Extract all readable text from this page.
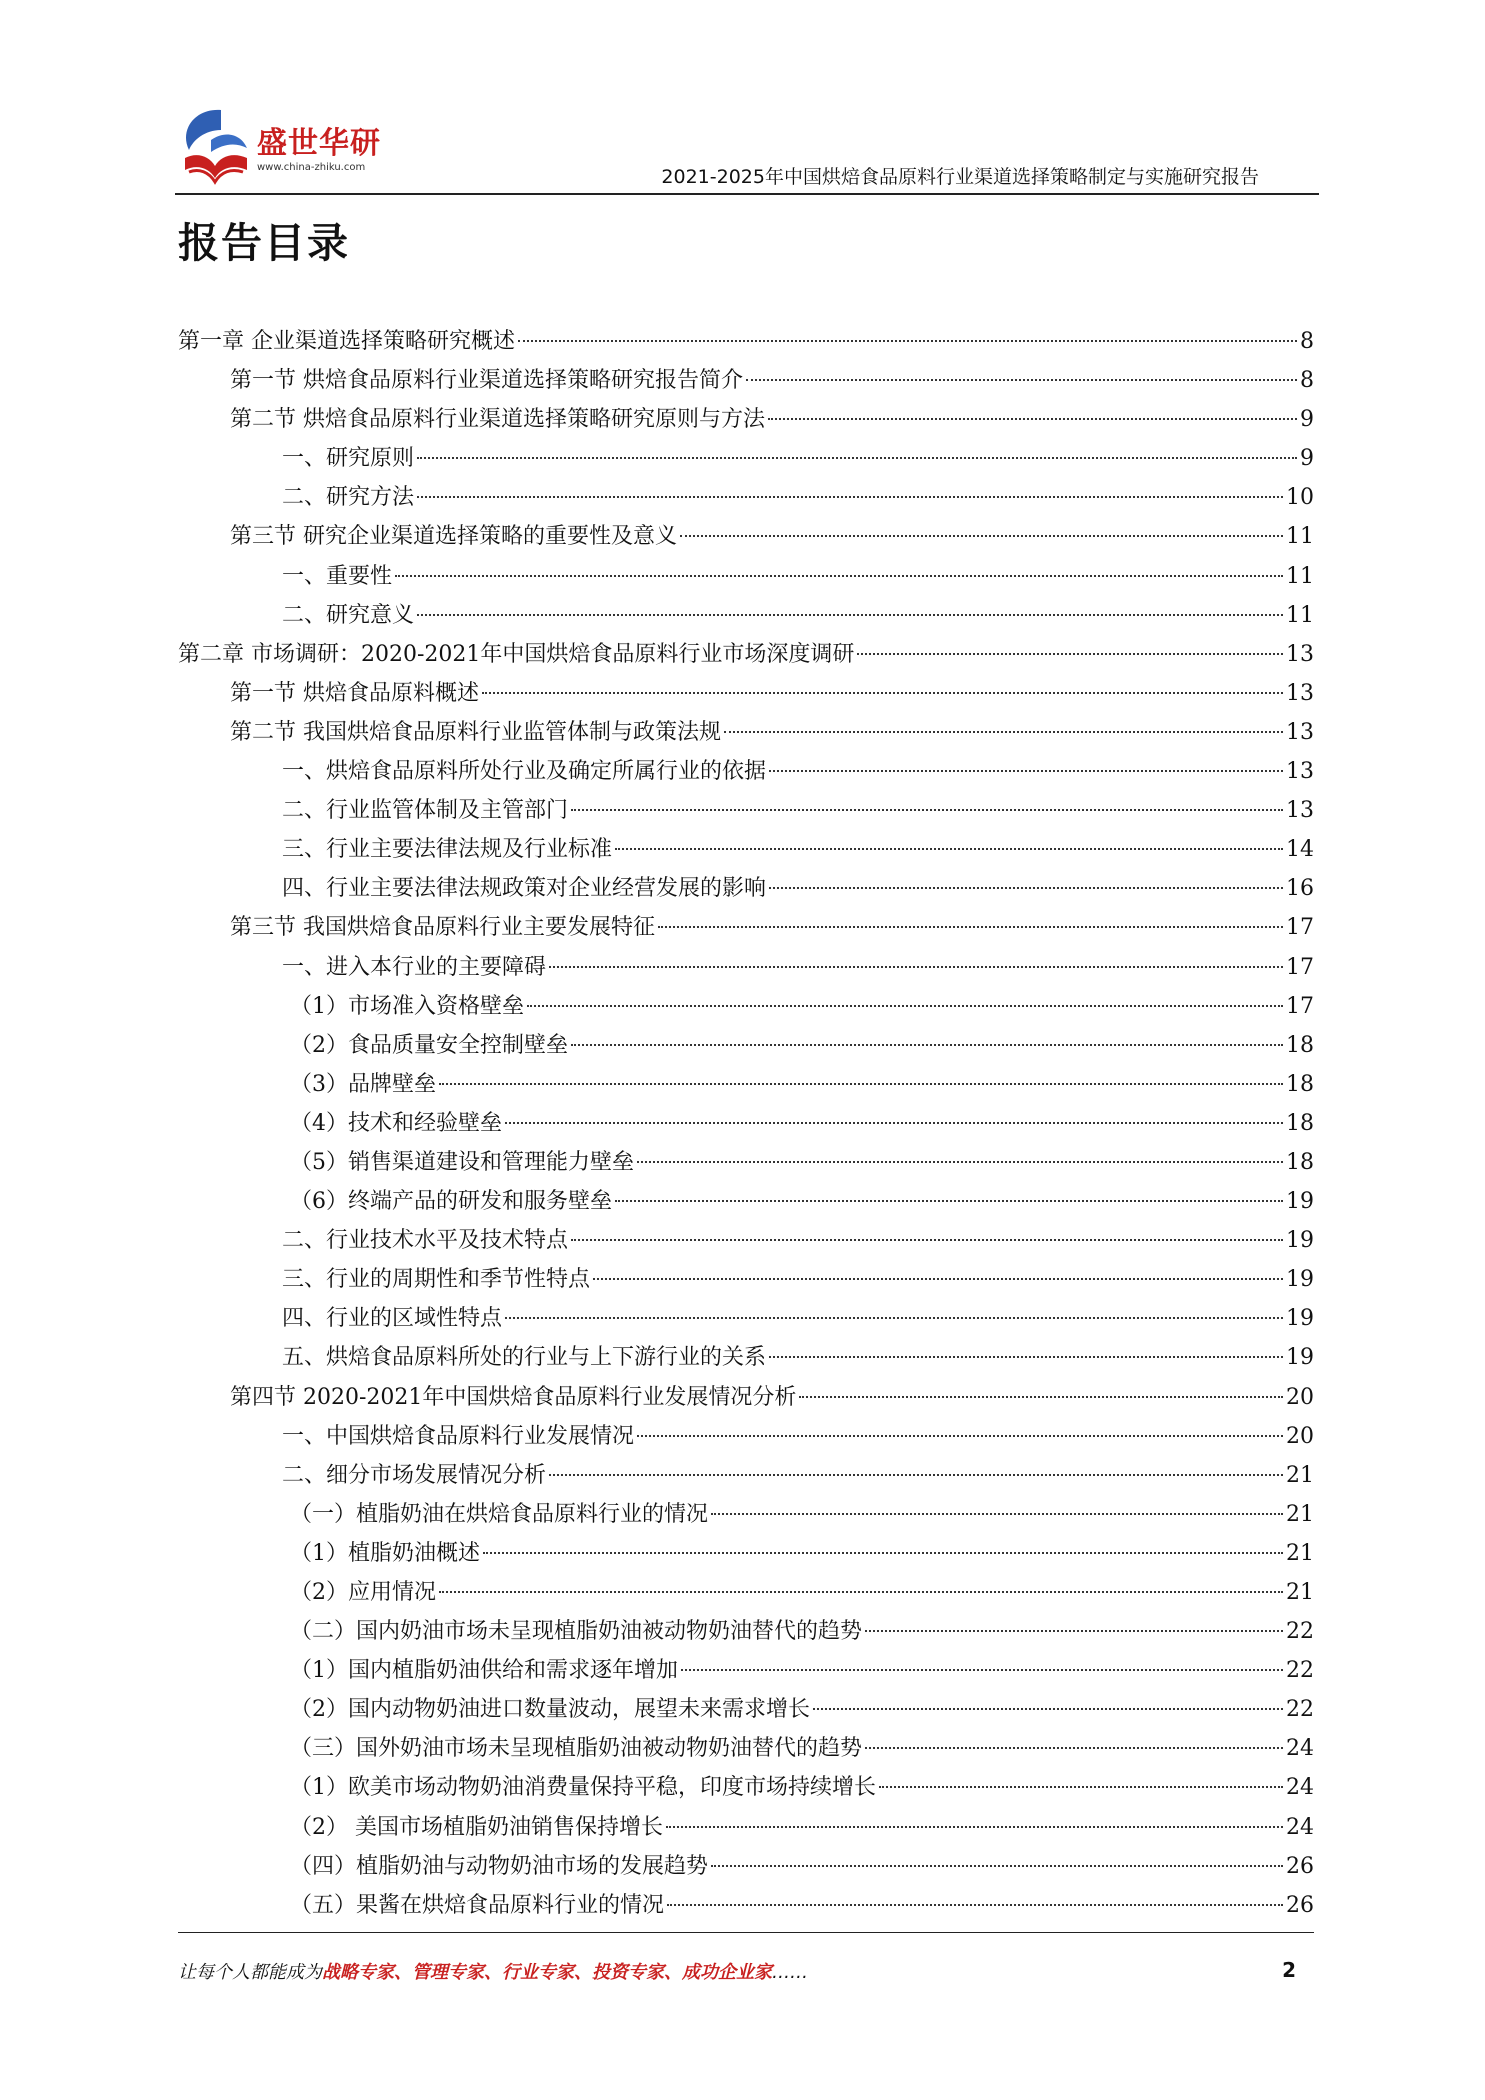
盛世华研
www.china-zhiku.com	2021-2025年中国烘焙食品原料行业渠道选择策略制定与实施研究报告
报告目录
第一章 企业渠道选择策略研究概述	8
第一节 烘焙食品原料行业渠道选择策略研究报告简介	8
第二节 烘焙食品原料行业渠道选择策略研究原则与方法	9
一、研究原则	9
二、研究方法	10
第三节 研究企业渠道选择策略的重要性及意义	11
一、重要性	11
二、研究意义	11
第二章 市场调研：2020-2021年中国烘焙食品原料行业市场深度调研	13
第一节 烘焙食品原料概述	13
第二节 我国烘焙食品原料行业监管体制与政策法规	13
一、烘焙食品原料所处行业及确定所属行业的依据	13
二、行业监管体制及主管部门	13
三、行业主要法律法规及行业标准	14
四、行业主要法律法规政策对企业经营发展的影响	16
第三节 我国烘焙食品原料行业主要发展特征	17
一、进入本行业的主要障碍	17
（1）市场准入资格壁垒	17
（2）食品质量安全控制壁垒	18
（3）品牌壁垒	18
（4）技术和经验壁垒	18
（5）销售渠道建设和管理能力壁垒	18
（6）终端产品的研发和服务壁垒	19
二、行业技术水平及技术特点	19
三、行业的周期性和季节性特点	19
四、行业的区域性特点	19
五、烘焙食品原料所处的行业与上下游行业的关系	19
第四节 2020-2021年中国烘焙食品原料行业发展情况分析	20
一、中国烘焙食品原料行业发展情况	20
二、细分市场发展情况分析	21
（一）植脂奶油在烘焙食品原料行业的情况	21
（1）植脂奶油概述	21
（2）应用情况	21
（二）国内奶油市场未呈现植脂奶油被动物奶油替代的趋势	22
（1）国内植脂奶油供给和需求逐年增加	22
（2）国内动物奶油进口数量波动，展望未来需求增长	22
（三）国外奶油市场未呈现植脂奶油被动物奶油替代的趋势	24
（1）欧美市场动物奶油消费量保持平稳，印度市场持续增长	24
（2） 美国市场植脂奶油销售保持增长	24
（四）植脂奶油与动物奶油市场的发展趋势	26
（五）果酱在烘焙食品原料行业的情况	26
让每个人都能成为战略专家、管理专家、行业专家、投资专家、成功企业家……	2
